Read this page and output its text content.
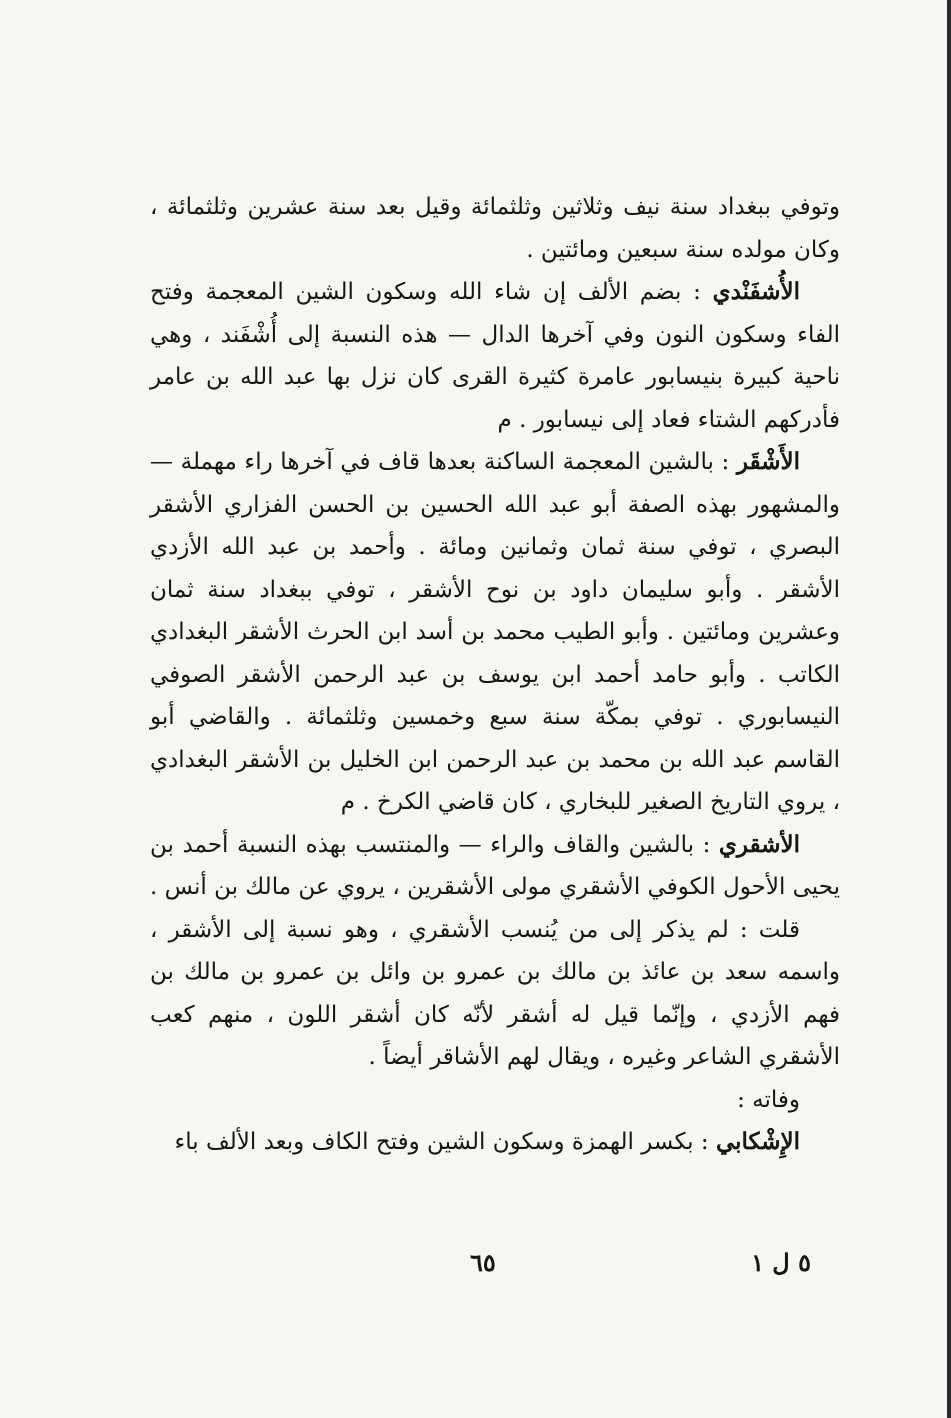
وتوفي ببغداد سنة نيف وثلاثين وثلثمائة وقيل بعد سنة عشرين وثلثمائة ، وكان مولده سنة سبعين ومائتين .

الأُشفَنْدي : بضم الألف إن شاء الله وسكون الشين المعجمة وفتح الفاء وسكون النون وفي آخرها الدال — هذه النسبة إلى أُشْفَند ، وهي ناحية كبيرة بنيسابور عامرة كثيرة القرى كان نزل بها عبد الله بن عامر فأدركهم الشتاء فعاد إلى نيسابور . م

الأَشْقَر : بالشين المعجمة الساكنة بعدها قاف في آخرها راء مهملة — والمشهور بهذه الصفة أبو عبد الله الحسين بن الحسن الفزاري الأشقر البصري ، توفي سنة ثمان وثمانين ومائة . وأحمد بن عبد الله الأزدي الأشقر . وأبو سليمان داود بن نوح الأشقر ، توفي ببغداد سنة ثمان وعشرين ومائتين . وأبو الطيب محمد بن أسد ابن الحرث الأشقر البغدادي الكاتب . وأبو حامد أحمد ابن يوسف بن عبد الرحمن الأشقر الصوفي النيسابوري . توفي بمكّة سنة سبع وخمسين وثلثمائة . والقاضي أبو القاسم عبد الله بن محمد بن عبد الرحمن ابن الخليل بن الأشقر البغدادي ، يروي التاريخ الصغير للبخاري ، كان قاضي الكرخ . م

الأشقري : بالشين والقاف والراء — والمنتسب بهذه النسبة أحمد بن يحيى الأحول الكوفي الأشقري مولى الأشقرين ، يروي عن مالك بن أنس .

قلت : لم يذكر إلى من يُنسب الأشقري ، وهو نسبة إلى الأشقر ، واسمه سعد بن عائذ بن مالك بن عمرو بن وائل بن عمرو بن مالك بن فهم الأزدي ، وإنّما قيل له أشقر لأنّه كان أشقر اللون ، منهم كعب الأشقري الشاعر وغيره ، ويقال لهم الأشاقر أيضاً .

وفاته :

الإِشْكابي : بكسر الهمزة وسكون الشين وفتح الكاف وبعد الألف باء

٥ ل ١
٦٥
